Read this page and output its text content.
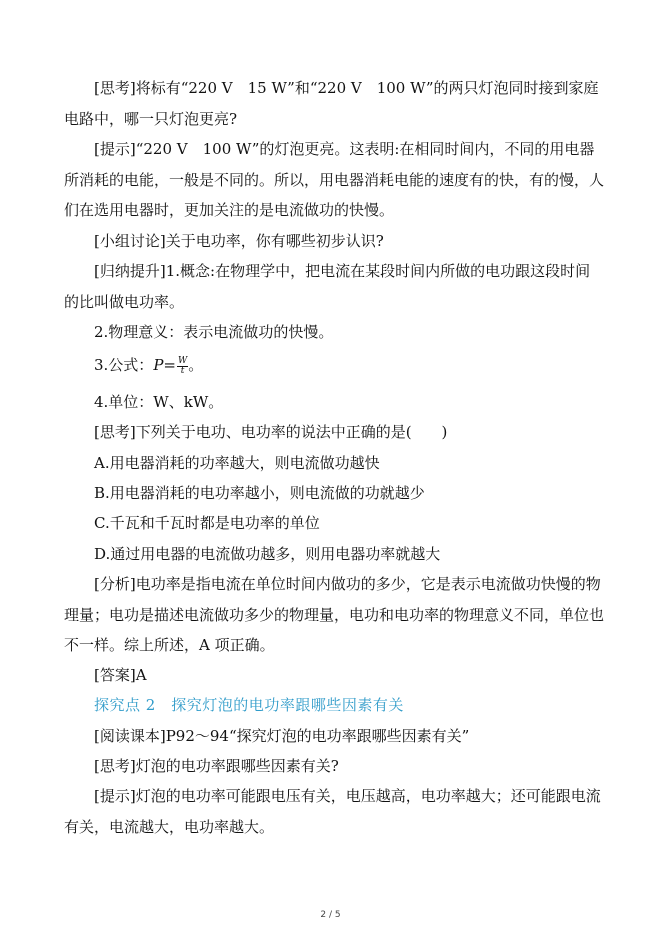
[思考]将标有“220 V　15 W”和“220 V　100 W”的两只灯泡同时接到家庭电路中，哪一只灯泡更亮?

[提示]“220 V　100 W”的灯泡更亮。这表明:在相同时间内，不同的用电器所消耗的电能，一般是不同的。所以，用电器消耗电能的速度有的快，有的慢，人们在选用电器时，更加关注的是电流做功的快慢。

[小组讨论]关于电功率，你有哪些初步认识?

[归纳提升]1.概念:在物理学中，把电流在某段时间内所做的电功跟这段时间的比叫做电功率。

2.物理意义：表示电流做功的快慢。

3.公式：$P= \frac{W}{t}$ 。

4.单位：W、kW。

[思考]下列关于电功、电功率的说法中正确的是(　　)

A.用电器消耗的功率越大，则电流做功越快

B.用电器消耗的电功率越小，则电流做的功就越少

C.千瓦和千瓦时都是电功率的单位

D.通过用电器的电流做功越多，则用电器功率就越大

[分析]电功率是指电流在单位时间内做功的多少，它是表示电流做功快慢的物理量；电功是描述电流做功多少的物理量，电功和电功率的物理意义不同，单位也不一样。综上所述，A 项正确。

[答案]A

探究点 2　探究灯泡的电功率跟哪些因素有关

[阅读课本]P92～94“探究灯泡的电功率跟哪些因素有关”

[思考]灯泡的电功率跟哪些因素有关?

[提示]灯泡的电功率可能跟电压有关，电压越高，电功率越大；还可能跟电流有关，电流越大，电功率越大。

2 / 5
